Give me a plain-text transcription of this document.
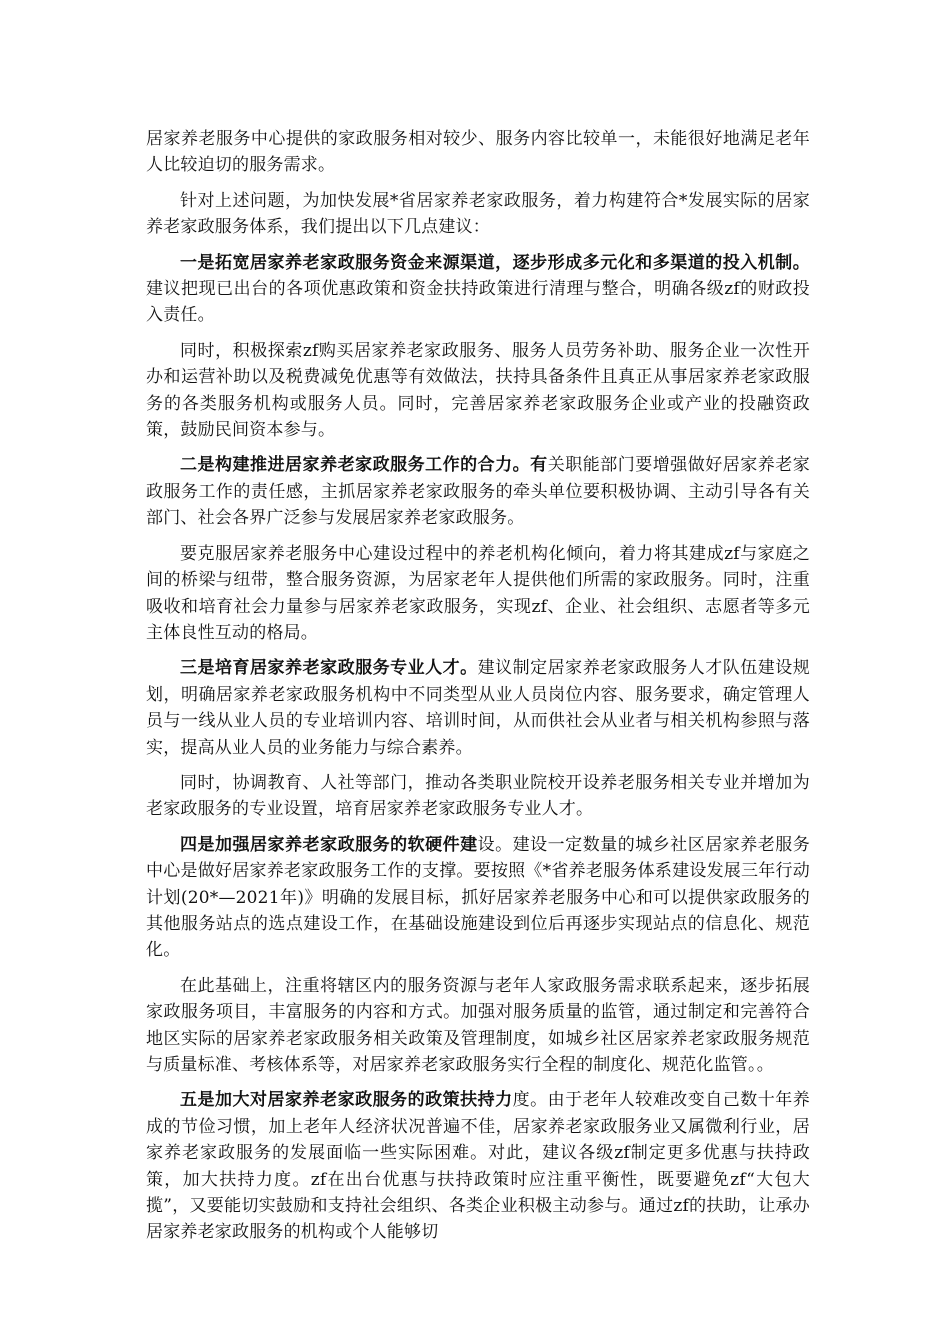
居家养老服务中心提供的家政服务相对较少、服务内容比较单一，未能很好地满足老年人比较迫切的服务需求。

针对上述问题，为加快发展*省居家养老家政服务，着力构建符合*发展实际的居家养老家政服务体系，我们提出以下几点建议：

一是拓宽居家养老家政服务资金来源渠道，逐步形成多元化和多渠道的投入机制。建议把现已出台的各项优惠政策和资金扶持政策进行清理与整合，明确各级zf的财政投入责任。

同时，积极探索zf购买居家养老家政服务、服务人员劳务补助、服务企业一次性开办和运营补助以及税费减免优惠等有效做法，扶持具备条件且真正从事居家养老家政服务的各类服务机构或服务人员。同时，完善居家养老家政服务企业或产业的投融资政策，鼓励民间资本参与。

二是构建推进居家养老家政服务工作的合力。有关职能部门要增强做好居家养老家政服务工作的责任感，主抓居家养老家政服务的牵头单位要积极协调、主动引导各有关部门、社会各界广泛参与发展居家养老家政服务。

要克服居家养老服务中心建设过程中的养老机构化倾向，着力将其建成zf与家庭之间的桥梁与纽带，整合服务资源，为居家老年人提供他们所需的家政服务。同时，注重吸收和培育社会力量参与居家养老家政服务，实现zf、企业、社会组织、志愿者等多元主体良性互动的格局。

三是培育居家养老家政服务专业人才。建议制定居家养老家政服务人才队伍建设规划，明确居家养老家政服务机构中不同类型从业人员岗位内容、服务要求，确定管理人员与一线从业人员的专业培训内容、培训时间，从而供社会从业者与相关机构参照与落实，提高从业人员的业务能力与综合素养。

同时，协调教育、人社等部门，推动各类职业院校开设养老服务相关专业并增加为老家政服务的专业设置，培育居家养老家政服务专业人才。

四是加强居家养老家政服务的软硬件建设。建设一定数量的城乡社区居家养老服务中心是做好居家养老家政服务工作的支撑。要按照《*省养老服务体系建设发展三年行动计划(20*—2021年)》明确的发展目标，抓好居家养老服务中心和可以提供家政服务的其他服务站点的选点建设工作，在基础设施建设到位后再逐步实现站点的信息化、规范化。

在此基础上，注重将辖区内的服务资源与老年人家政服务需求联系起来，逐步拓展家政服务项目，丰富服务的内容和方式。加强对服务质量的监管，通过制定和完善符合地区实际的居家养老家政服务相关政策及管理制度，如城乡社区居家养老家政服务规范与质量标准、考核体系等，对居家养老家政服务实行全程的制度化、规范化监管。。

五是加大对居家养老家政服务的政策扶持力度。由于老年人较难改变自己数十年养成的节俭习惯，加上老年人经济状况普遍不佳，居家养老家政服务业又属微利行业，居家养老家政服务的发展面临一些实际困难。对此，建议各级zf制定更多优惠与扶持政策，加大扶持力度。zf在出台优惠与扶持政策时应注重平衡性，既要避免zf“大包大揽”，又要能切实鼓励和支持社会组织、各类企业积极主动参与。通过zf的扶助，让承办居家养老家政服务的机构或个人能够切
